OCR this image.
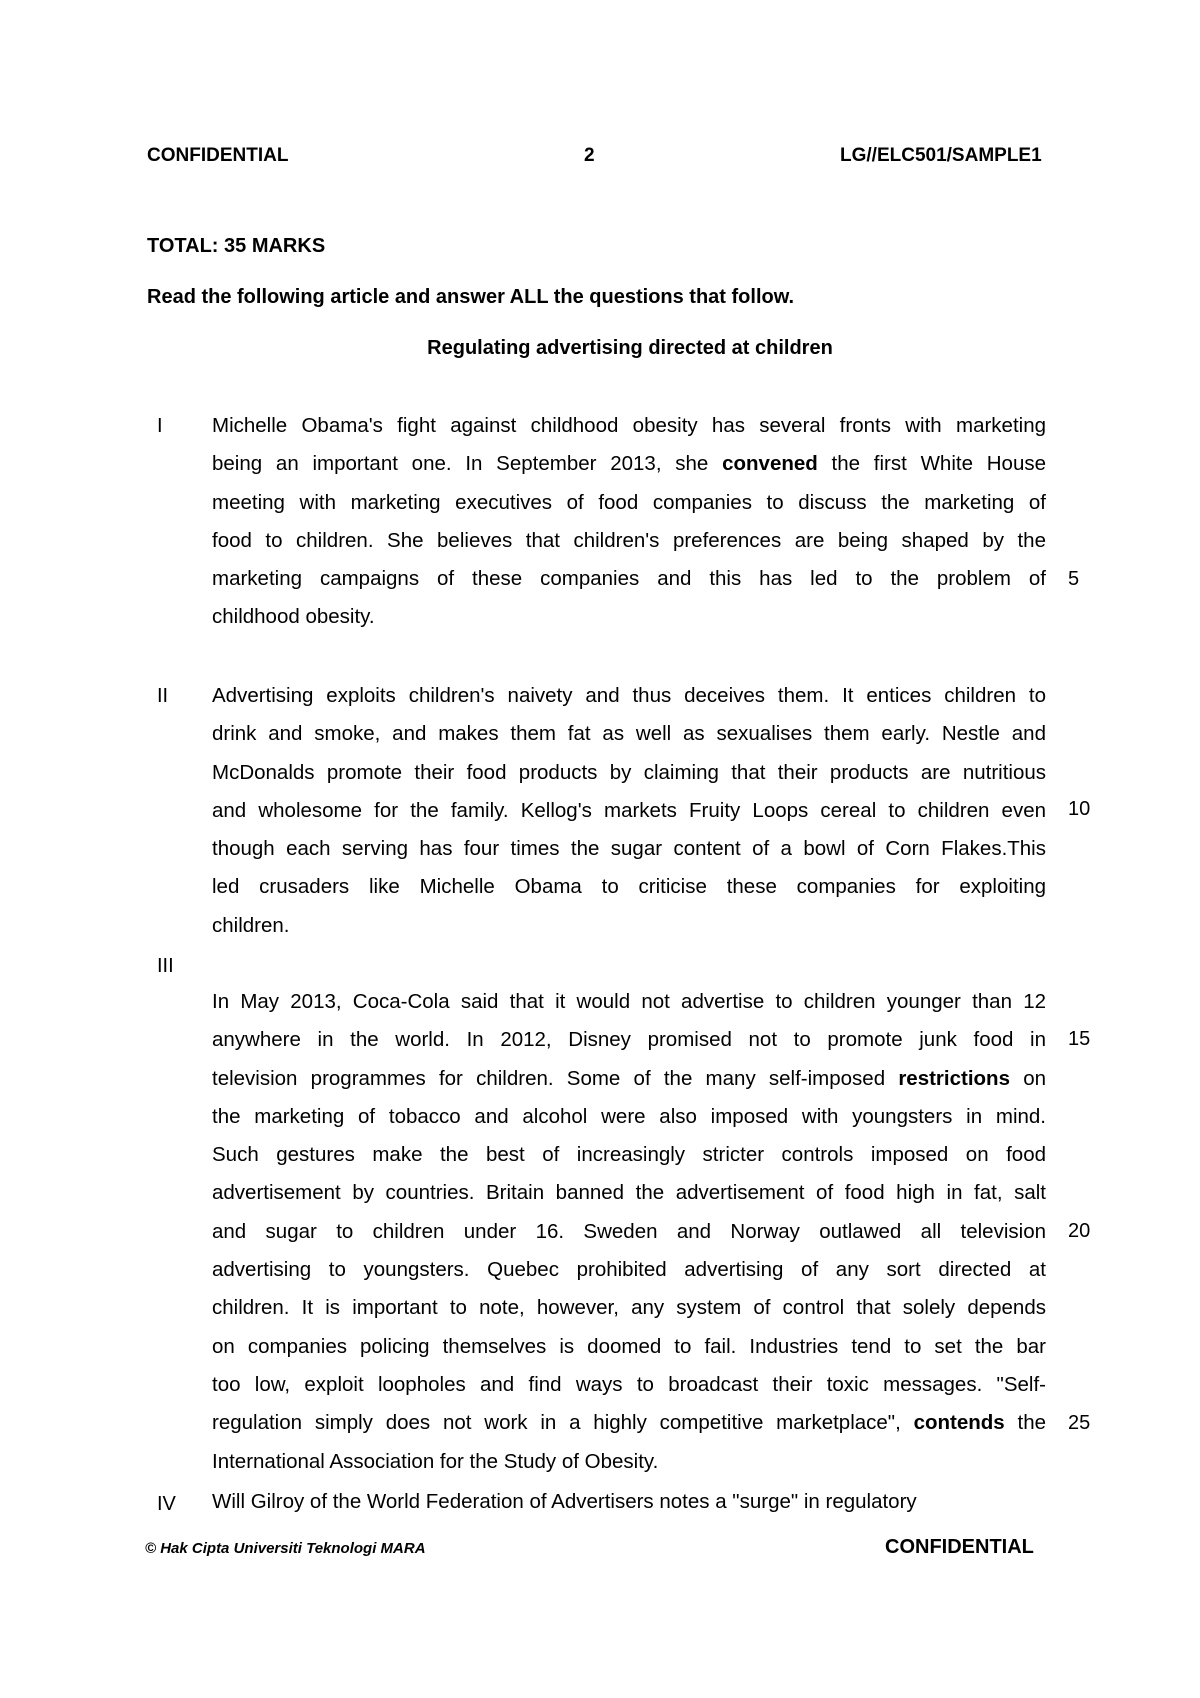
CONFIDENTIAL	2	LG//ELC501/SAMPLE1
TOTAL: 35 MARKS
Read the following article and answer ALL the questions that follow.
Regulating advertising directed at children
I Michelle Obama's fight against childhood obesity has several fronts with marketing
being an important one. In September 2013, she convened the first White House
meeting with marketing executives of food companies to discuss the marketing of
food to children. She believes that children's preferences are being shaped by the
marketing campaigns of these companies and this has led to the problem of
childhood obesity.
II Advertising exploits children's naivety and thus deceives them. It entices children to
drink and smoke, and makes them fat as well as sexualises them early. Nestle and
McDonalds promote their food products by claiming that their products are nutritious
and wholesome for the family. Kellog's markets Fruity Loops cereal to children even
though each serving has four times the sugar content of a bowl of Corn Flakes.This
led crusaders like Michelle Obama to criticise these companies for exploiting
children.
III
In May 2013, Coca-Cola said that it would not advertise to children younger than 12
anywhere in the world. In 2012, Disney promised not to promote junk food in
television programmes for children. Some of the many self-imposed restrictions on
the marketing of tobacco and alcohol were also imposed with youngsters in mind.
Such gestures make the best of increasingly stricter controls imposed on food
advertisement by countries. Britain banned the advertisement of food high in fat, salt
and sugar to children under 16. Sweden and Norway outlawed all television
advertising to youngsters. Quebec prohibited advertising of any sort directed at
children. It is important to note, however, any system of control that solely depends
on companies policing themselves is doomed to fail. Industries tend to set the bar
too low, exploit loopholes and find ways to broadcast their toxic messages. "Self-
regulation simply does not work in a highly competitive marketplace", contends the
International Association for the Study of Obesity.
IV Will Gilroy of the World Federation of Advertisers notes a "surge" in regulatory
5
10
15
20
25
© Hak Cipta Universiti Teknologi MARA	CONFIDENTIAL
